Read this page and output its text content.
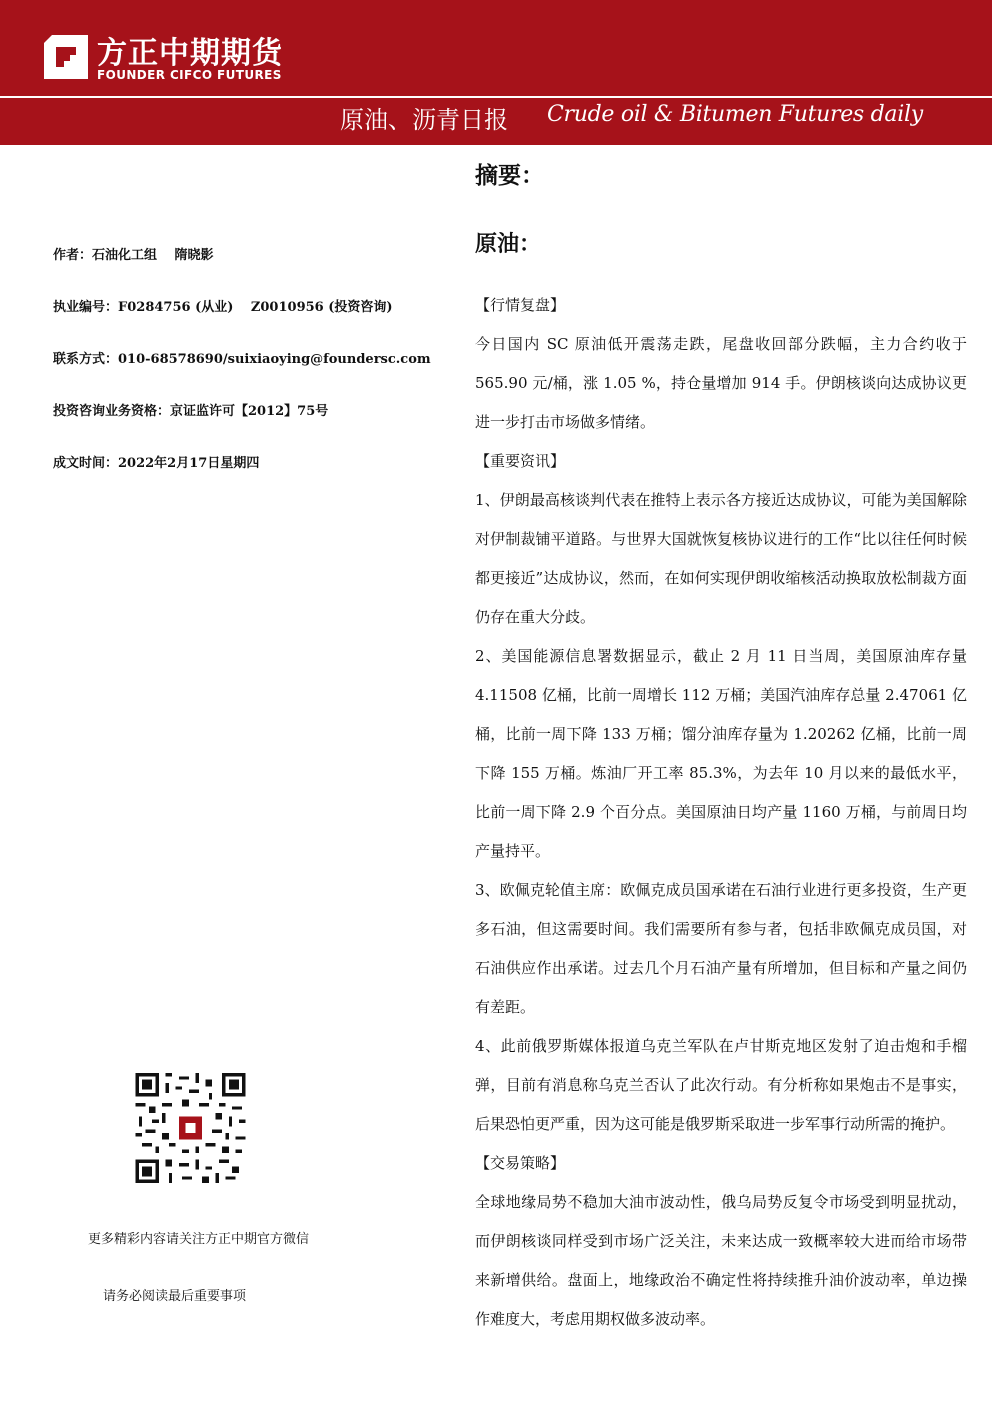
方正中期期货
FOUNDER CIFCO FUTURES
原油、沥青日报 Crude oil & Bitumen Futures daily
摘要：
原油：
作者：石油化工组　 隋晓影
执业编号：F0284756 (从业)　 Z0010956 (投资咨询)
联系方式：010-68578690/suixiaoying@foundersc.com
投资咨询业务资格：京证监许可【2012】75号
成文时间：2022年2月17日星期四

【行情复盘】

今日国内 SC 原油低开震荡走跌，尾盘收回部分跌幅，主力合约收于 565.90 元/桶，涨 1.05 %，持仓量增加 914 手。伊朗核谈向达成协议更进一步打击市场做多情绪。

【重要资讯】

1、伊朗最高核谈判代表在推特上表示各方接近达成协议，可能为美国解除对伊制裁铺平道路。与世界大国就恢复核协议进行的工作“比以往任何时候都更接近”达成协议，然而，在如何实现伊朗收缩核活动换取放松制裁方面仍存在重大分歧。

2、美国能源信息署数据显示，截止 2 月 11 日当周，美国原油库存量 4.11508 亿桶，比前一周增长 112 万桶；美国汽油库存总量 2.47061 亿桶，比前一周下降 133 万桶；馏分油库存量为 1.20262 亿桶，比前一周下降 155 万桶。炼油厂开工率 85.3%，为去年 10 月以来的最低水平，比前一周下降 2.9 个百分点。美国原油日均产量 1160 万桶，与前周日均产量持平。

3、欧佩克轮值主席：欧佩克成员国承诺在石油行业进行更多投资，生产更多石油，但这需要时间。我们需要所有参与者，包括非欧佩克成员国，对石油供应作出承诺。过去几个月石油产量有所增加，但目标和产量之间仍有差距。

4、此前俄罗斯媒体报道乌克兰军队在卢甘斯克地区发射了迫击炮和手榴弹，目前有消息称乌克兰否认了此次行动。有分析称如果炮击不是事实，后果恐怕更严重，因为这可能是俄罗斯采取进一步军事行动所需的掩护。

【交易策略】

全球地缘局势不稳加大油市波动性，俄乌局势反复令市场受到明显扰动，而伊朗核谈同样受到市场广泛关注，未来达成一致概率较大进而给市场带来新增供给。盘面上，地缘政治不确定性将持续推升油价波动率，单边操作难度大，考虑用期权做多波动率。

更多精彩内容请关注方正中期官方微信
请务必阅读最后重要事项
